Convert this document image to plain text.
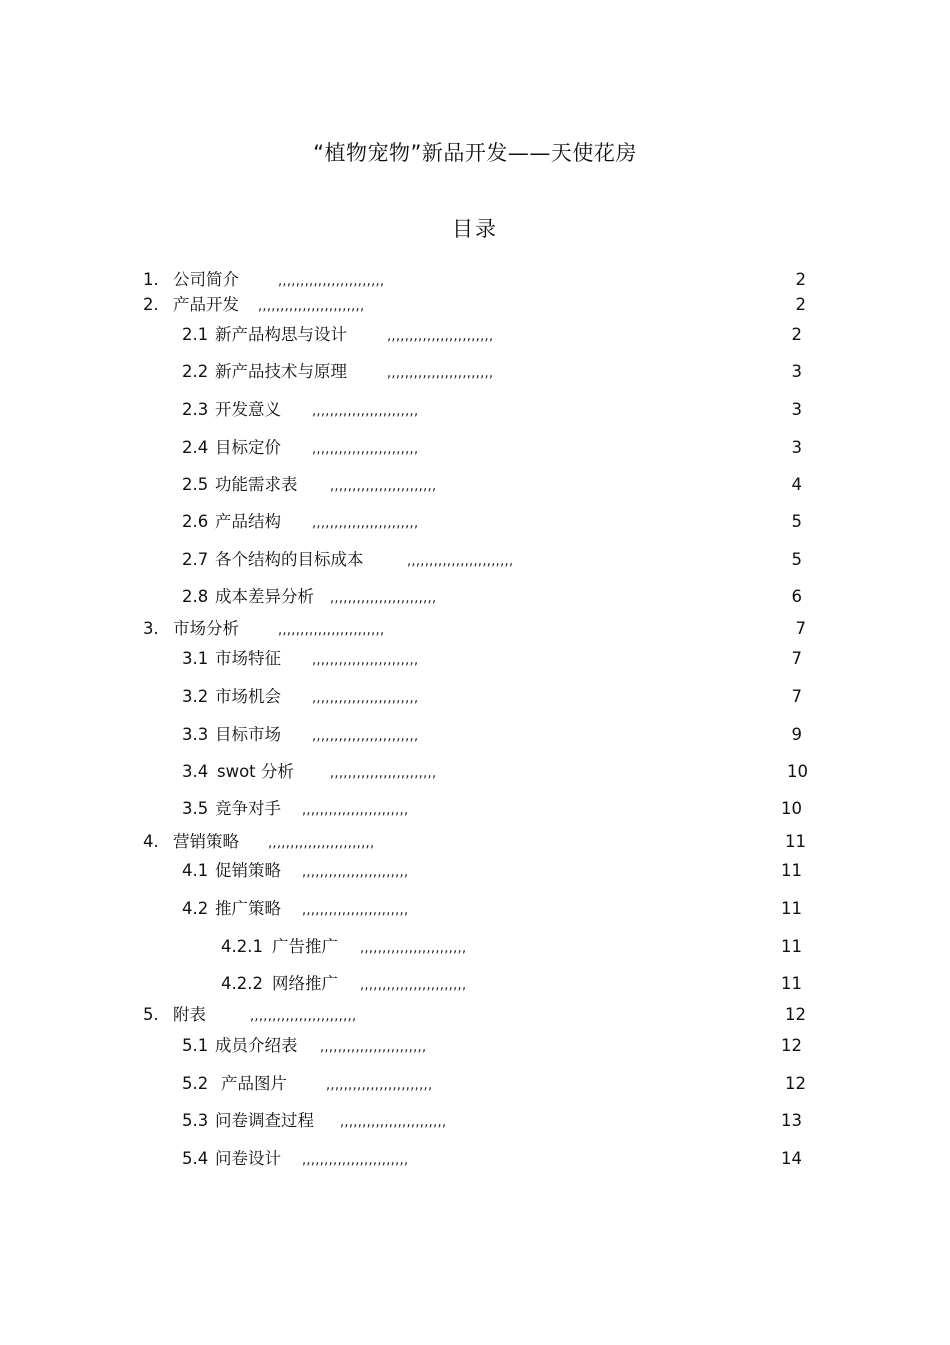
“植物宠物”新品开发——天使花房
目录
1. 公司简介	,,,,,,,,,,,,,,,,,,,,,,,,	2
2. 产品开发 ,,,,,,,,,,,,,,,,,,,,,,,,	2
2.1 新产品构思与设计	,,,,,,,,,,,,,,,,,,,,,,,,	2
2.2 新产品技术与原理	,,,,,,,,,,,,,,,,,,,,,,,,	3
2.3 开发意义 ,,,,,,,,,,,,,,,,,,,,,,,,	3
2.4 目标定价 ,,,,,,,,,,,,,,,,,,,,,,,,	3
2.5 功能需求表	,,,,,,,,,,,,,,,,,,,,,,,,	4
2.6 产品结构 ,,,,,,,,,,,,,,,,,,,,,,,,	5
2.7 各个结构的目标成本	,,,,,,,,,,,,,,,,,,,,,,,,	5
2.8 成本差异分析 ,,,,,,,,,,,,,,,,,,,,,,,,	6
3. 市场分析	,,,,,,,,,,,,,,,,,,,,,,,,	7
3.1 市场特征 ,,,,,,,,,,,,,,,,,,,,,,,,	7
3.2 市场机会 ,,,,,,,,,,,,,,,,,,,,,,,,	7
3.3 目标市场 ,,,,,,,,,,,,,,,,,,,,,,,,	9
3.4 swot 分析	,,,,,,,,,,,,,,,,,,,,,,,,	10
3.5 竞争对手 ,,,,,,,,,,,,,,,,,,,,,,,,	10
4. 营销策略 ,,,,,,,,,,,,,,,,,,,,,,,,	11
4.1 促销策略 ,,,,,,,,,,,,,,,,,,,,,,,,	11
4.2 推广策略 ,,,,,,,,,,,,,,,,,,,,,,,,	11
4.2.1 广告推广 ,,,,,,,,,,,,,,,,,,,,,,,,	11
4.2.2 网络推广 ,,,,,,,,,,,,,,,,,,,,,,,,	11
5. 附表	,,,,,,,,,,,,,,,,,,,,,,,,	12
5.1 成员介绍表 ,,,,,,,,,,,,,,,,,,,,,,,,	12
5.2 产品图片	,,,,,,,,,,,,,,,,,,,,,,,,	12
5.3 问卷调查过程 ,,,,,,,,,,,,,,,,,,,,,,,,	13
5.4 问卷设计 ,,,,,,,,,,,,,,,,,,,,,,,,	14
